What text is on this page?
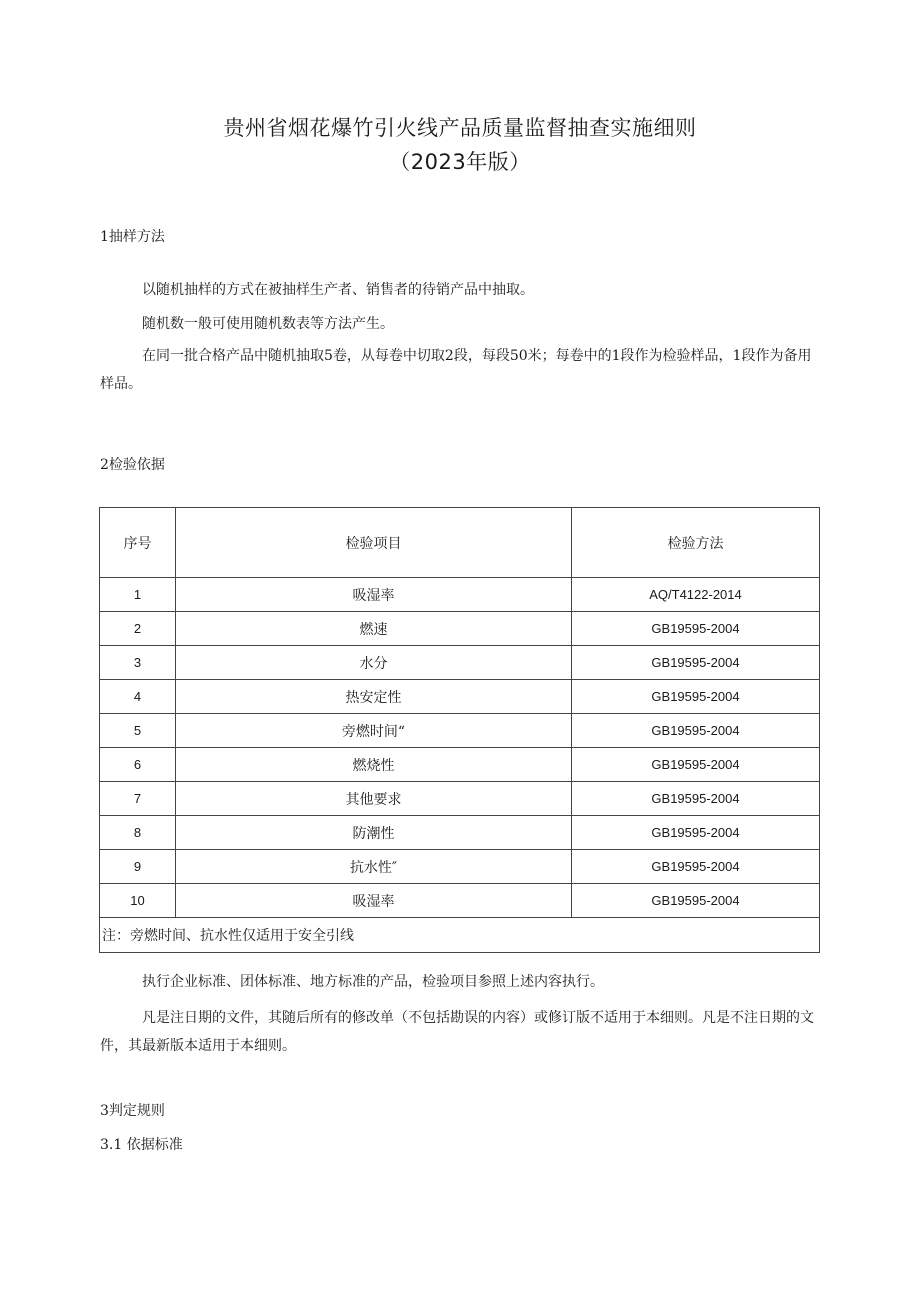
贵州省烟花爆竹引火线产品质量监督抽查实施细则
（2023年版）
1抽样方法
以随机抽样的方式在被抽样生产者、销售者的待销产品中抽取。
随机数一般可使用随机数表等方法产生。
在同一批合格产品中随机抽取5卷，从每卷中切取2段，每段50米；每卷中的1段作为检验样品，1段作为备用样品。
2检验依据
序号	检验项目	检验方法
1	吸湿率	AQ/T4122-2014
2	燃速	GB19595-2004
3	水分	GB19595-2004
4	热安定性	GB19595-2004
5	旁燃时间“	GB19595-2004
6	燃烧性	GB19595-2004
7	其他要求	GB19595-2004
8	防潮性	GB19595-2004
9	抗水性″	GB19595-2004
10	吸湿率	GB19595-2004
注：旁燃时间、抗水性仅适用于安全引线		
执行企业标准、团体标准、地方标准的产品，检验项目参照上述内容执行。
凡是注日期的文件，其随后所有的修改单（不包括勘误的内容）或修订版不适用于本细则。凡是不注日期的文件，其最新版本适用于本细则。
3判定规则
3.1 依据标准
